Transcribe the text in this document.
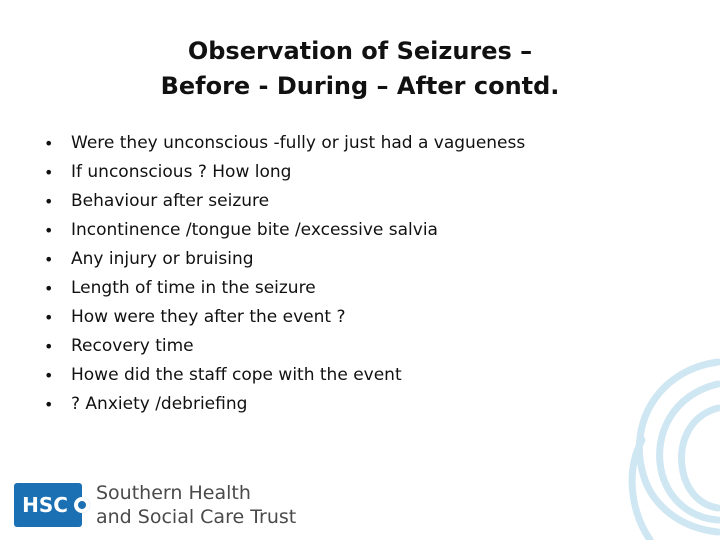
Observation of Seizures –
Before - During – After contd.
• Were they unconscious -fully or just had a vagueness
• If unconscious ? How long
• Behaviour after seizure
• Incontinence /tongue bite /excessive salvia
• Any injury or bruising
• Length of time in the seizure
• How were they after the event ?
• Recovery time
• Howe did the staff cope with the event
• ? Anxiety /debriefing
HSC Southern Health
and Social Care Trust
